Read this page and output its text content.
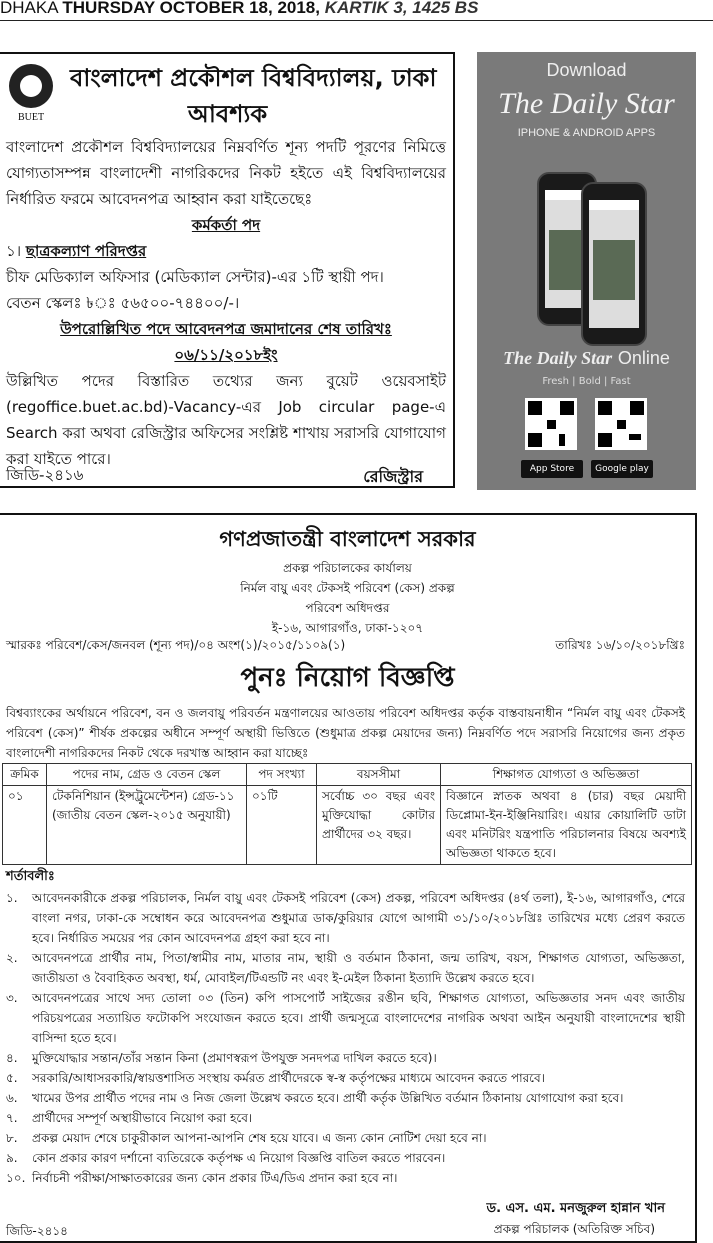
DHAKA THURSDAY OCTOBER 18, 2018, KARTIK 3, 1425 BS
BUET
বাংলাদেশ প্রকৌশল বিশ্ববিদ্যালয়, ঢাকা
আবশ্যক

বাংলাদেশ প্রকৌশল বিশ্ববিদ্যালয়ের নিম্নবর্ণিত শূন্য পদটি পূরণের নিমিত্তে যোগ্যতাসম্পন্ন বাংলাদেশী নাগরিকদের নিকট হইতে এই বিশ্ববিদ্যালয়ের নির্ধারিত ফরমে আবেদনপত্র আহ্বান করা যাইতেছেঃ

কর্মকর্তা পদ
১। ছাত্রকল্যাণ পরিদপ্তর

চীফ মেডিক্যাল অফিসার (মেডিক্যাল সেন্টার)-এর ১টি স্থায়ী পদ।

বেতন স্কেলঃ ৳ঃ ৫৬৫০০-৭৪৪০০/-।

উপরোল্লিখিত পদে আবেদনপত্র জমাদানের শেষ তারিখঃ
০৬/১১/২০১৮ইং

উল্লিখিত পদের বিস্তারিত তথ্যের জন্য বুয়েট ওয়েবসাইট (regoffice.buet.ac.bd)-Vacancy-এর Job circular page-এ Search করা অথবা রেজিস্ট্রার অফিসের সংশ্লিষ্ট শাখায় সরাসরি যোগাযোগ করা যাইতে পারে।

জিডি-২৪১৬	রেজিস্ট্রার
Download
The Daily Star
IPHONE & ANDROID APPS
The Daily Star Online
Fresh | Bold | Fast
App Store	Google play
গণপ্রজাতন্ত্রী বাংলাদেশ সরকার
প্রকল্প পরিচালকের কার্যালয়
নির্মল বায়ু এবং টেকসই পরিবেশ (কেস) প্রকল্প
পরিবেশ অধিদপ্তর
ই-১৬, আগারগাঁও, ঢাকা-১২০৭
স্মারকঃ পরিবেশ/কেস/জনবল (শূন্য পদ)/০৪ অংশ(১)/২০১৫/১১০৯(১)	তারিখঃ ১৬/১০/২০১৮খ্রিঃ
পুনঃ নিয়োগ বিজ্ঞপ্তি
বিশ্বব্যাংকের অর্থায়নে পরিবেশ, বন ও জলবায়ু পরিবর্তন মন্ত্রণালয়ের আওতায় পরিবেশ অধিদপ্তর কর্তৃক বাস্তবায়নাধীন “নির্মল বায়ু এবং টেকসই পরিবেশ (কেস)” শীর্ষক প্রকল্পের অধীনে সম্পূর্ণ অস্থায়ী ভিত্তিতে (শুধুমাত্র প্রকল্প মেয়াদের জন্য) নিম্নবর্ণিত পদে সরাসরি নিয়োগের জন্য প্রকৃত বাংলাদেশী নাগরিকদের নিকট থেকে দরখাস্ত আহ্বান করা যাচ্ছেঃ
ক্রমিক	পদের নাম, গ্রেড ও বেতন স্কেল	পদ সংখ্যা	বয়সসীমা	শিক্ষাগত যোগ্যতা ও অভিজ্ঞতা
০১	টেকনিশিয়ান (ইন্সট্রুমেন্টেশন) গ্রেড-১১ (জাতীয় বেতন স্কেল-২০১৫ অনুযায়ী)	০১টি	সর্বোচ্চ ৩০ বছর এবং মুক্তিযোদ্ধা কোটার প্রার্থীদের ৩২ বছর।	বিজ্ঞানে স্নাতক অথবা ৪ (চার) বছর মেয়াদী ডিপ্লোমা-ইন-ইঞ্জিনিয়ারিং। এয়ার কোয়ালিটি ডাটা এবং মনিটরিং যন্ত্রপাতি পরিচালনার বিষয়ে অবশ্যই অভিজ্ঞতা থাকতে হবে।
শর্তাবলীঃ
১.	আবেদনকারীকে প্রকল্প পরিচালক, নির্মল বায়ু এবং টেকসই পরিবেশ (কেস) প্রকল্প, পরিবেশ অধিদপ্তর (৪র্থ তলা), ই-১৬, আগারগাঁও, শেরে বাংলা নগর, ঢাকা-কে সম্বোধন করে আবেদনপত্র শুধুমাত্র ডাক/কুরিয়ার যোগে আগামী ৩১/১০/২০১৮খ্রিঃ তারিখের মধ্যে প্রেরণ করতে হবে। নির্ধারিত সময়ের পর কোন আবেদনপত্র গ্রহণ করা হবে না।
২.	আবেদনপত্রে প্রার্থীর নাম, পিতা/স্বামীর নাম, মাতার নাম, স্থায়ী ও বর্তমান ঠিকানা, জন্ম তারিখ, বয়স, শিক্ষাগত যোগ্যতা, অভিজ্ঞতা, জাতীয়তা ও বৈবাহিকত অবস্থা, ধর্ম, মোবাইল/টিএন্ডটি নং এবং ই-মেইল ঠিকানা ইত্যাদি উল্লেখ করতে হবে।
৩.	আবেদনপত্রের সাথে সদ্য তোলা ০৩ (তিন) কপি পাসপোর্ট সাইজের রঙীন ছবি, শিক্ষাগত যোগ্যতা, অভিজ্ঞতার সনদ এবং জাতীয় পরিচয়পত্রের সত্যায়িত ফটোকপি সংযোজন করতে হবে। প্রার্থী জন্মসূত্রে বাংলাদেশের নাগরিক অথবা আইন অনুযায়ী বাংলাদেশের স্থায়ী বাসিন্দা হতে হবে।
৪.	মুক্তিযোদ্ধার সন্তান/তাঁর সন্তান কিনা (প্রমাণস্বরূপ উপযুক্ত সনদপত্র দাখিল করতে হবে)।
৫.	সরকারি/আধাসরকারি/স্বায়ত্তশাসিত সংস্থায় কর্মরত প্রার্থীদেরকে স্ব-স্ব কর্তৃপক্ষের মাধ্যমে আবেদন করতে পারবে।
৬.	খামের উপর প্রার্থীত পদের নাম ও নিজ জেলা উল্লেখ করতে হবে। প্রার্থী কর্তৃক উল্লিখিত বর্তমান ঠিকানায় যোগাযোগ করা হবে।
৭.	প্রার্থীদের সম্পূর্ণ অস্থায়ীভাবে নিয়োগ করা হবে।
৮.	প্রকল্প মেয়াদ শেষে চাকুরীকাল আপনা-আপনি শেষ হয়ে যাবে। এ জন্য কোন নোটিশ দেয়া হবে না।
৯.	কোন প্রকার কারণ দর্শানো ব্যতিরেকে কর্তৃপক্ষ এ নিয়োগ বিজ্ঞপ্তি বাতিল করতে পারবেন।
১০. নির্বাচনী পরীক্ষা/সাক্ষাতকারের জন্য কোন প্রকার টিএ/ডিএ প্রদান করা হবে না।
ড. এস. এম. মনজুরুল হান্নান খান
প্রকল্প পরিচালক (অতিরিক্ত সচিব)
জিডি-২৪১৪
